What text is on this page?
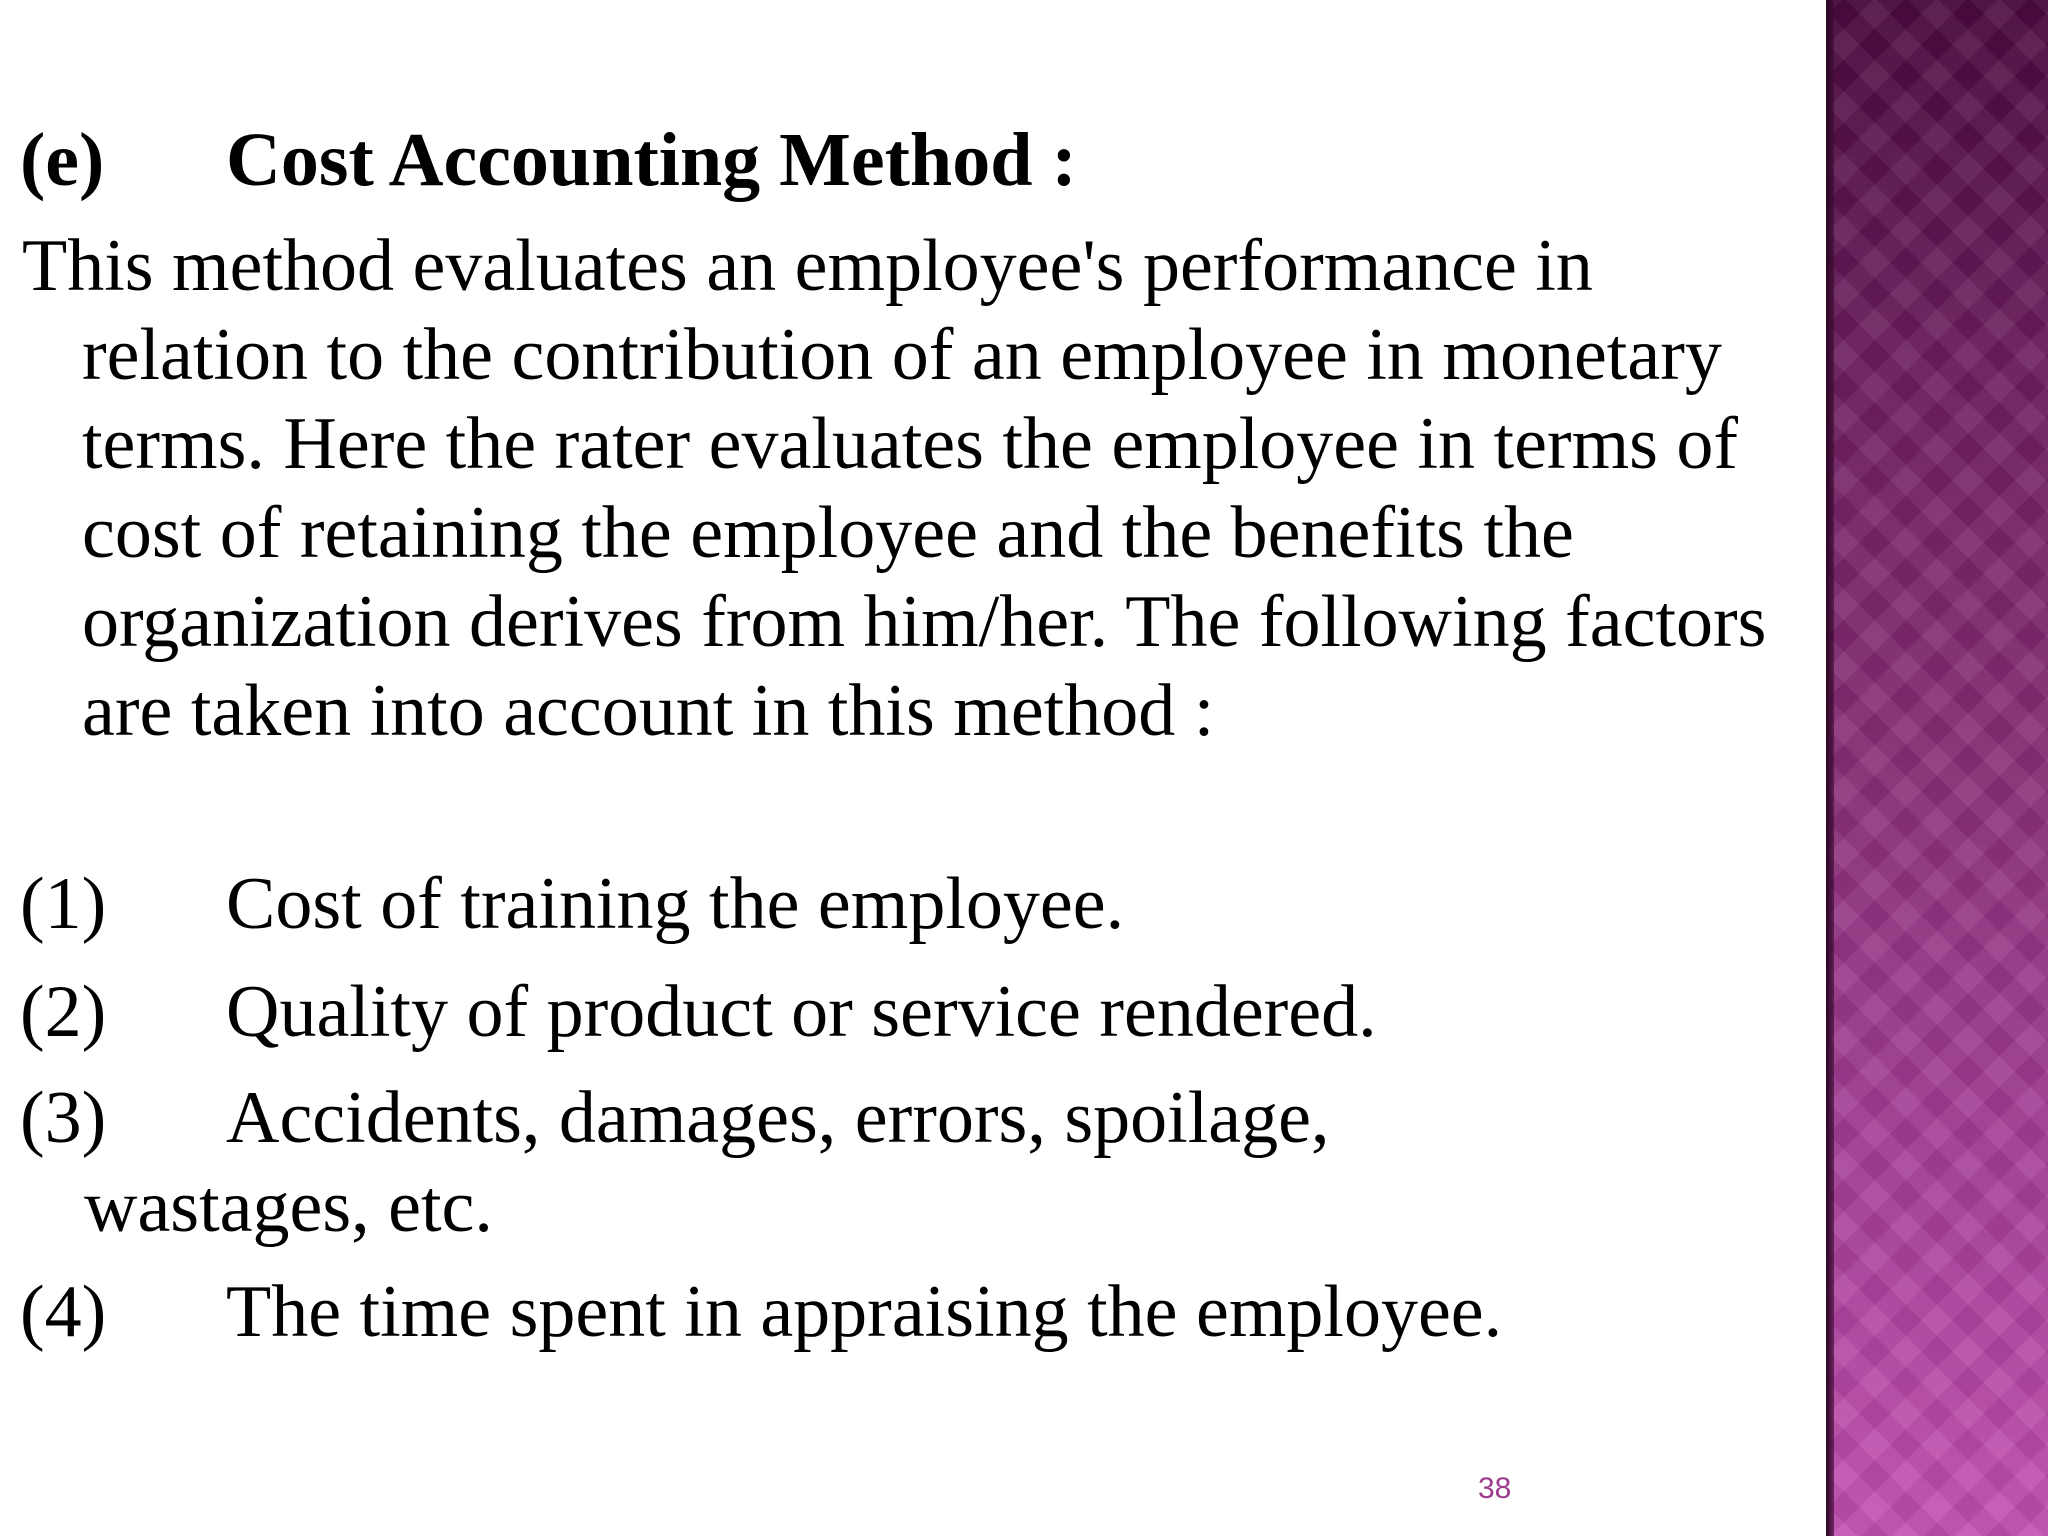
(e) Cost Accounting Method :
This method evaluates an employee's performance in relation to the contribution of an employee in monetary terms. Here the rater evaluates the employee in terms of cost of retaining the employee and the benefits the organization derives from him/her. The following factors are taken into account in this method :
(1) Cost of training the employee.
(2) Quality of product or service rendered.
(3) Accidents, damages, errors, spoilage,
wastages, etc.
(4) The time spent in appraising the employee.
38
